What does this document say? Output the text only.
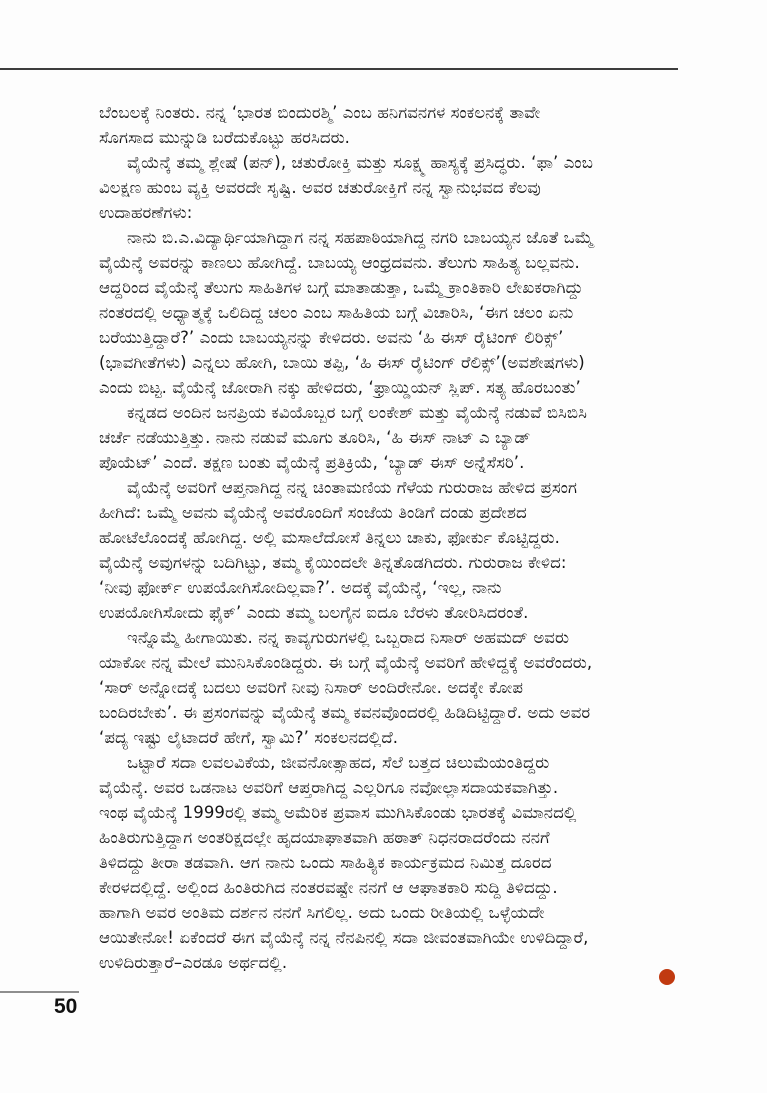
ಬೆಂಬಲಕ್ಕೆ ನಿಂತರು. ನನ್ನ ‘ಭಾರತ ಬಿಂದುರಶ್ಮಿ’ ಎಂಬ ಹನಿಗವನಗಳ ಸಂಕಲನಕ್ಕೆ ತಾವೇ
ಸೊಗಸಾದ ಮುನ್ನುಡಿ ಬರೆದುಕೊಟ್ಟು ಹರಸಿದರು.
ವೈಯೆನ್ಕೆ ತಮ್ಮ ಶ್ಲೇಷೆ (ಪನ್), ಚತುರೋಕ್ತಿ ಮತ್ತು ಸೂಕ್ಷ್ಮ ಹಾಸ್ಯಕ್ಕೆ ಪ್ರಸಿದ್ಧರು. ‘ಫಾ’ ಎಂಬ
ವಿಲಕ್ಷಣ ಹುಂಬ ವ್ಯಕ್ತಿ ಅವರದೇ ಸೃಷ್ಟಿ. ಅವರ ಚತುರೋಕ್ತಿಗೆ ನನ್ನ ಸ್ವಾನುಭವದ ಕೆಲವು
ಉದಾಹರಣೆಗಳು:
ನಾನು ಬಿ.ಎ.ವಿದ್ಯಾರ್ಥಿಯಾಗಿದ್ದಾಗ ನನ್ನ ಸಹಪಾಠಿಯಾಗಿದ್ದ ನಗರಿ ಬಾಬಯ್ಯನ ಜೊತೆ ಒಮ್ಮೆ
ವೈಯೆನ್ಕೆ ಅವರನ್ನು ಕಾಣಲು ಹೋಗಿದ್ದೆ. ಬಾಬಯ್ಯ ಆಂಧ್ರದವನು. ತೆಲುಗು ಸಾಹಿತ್ಯ ಬಲ್ಲವನು.
ಆದ್ದರಿಂದ ವೈಯೆನ್ಕೆ ತೆಲುಗು ಸಾಹಿತಿಗಳ ಬಗ್ಗೆ ಮಾತಾಡುತ್ತಾ, ಒಮ್ಮೆ ಕ್ರಾಂತಿಕಾರಿ ಲೇಖಕರಾಗಿದ್ದು
ನಂತರದಲ್ಲಿ ಅಧ್ಯಾತ್ಮಕ್ಕೆ ಒಲಿದಿದ್ದ ಚಲಂ ಎಂಬ ಸಾಹಿತಿಯ ಬಗ್ಗೆ ವಿಚಾರಿಸಿ, ‘ಈಗ ಚಲಂ ಏನು
ಬರೆಯುತ್ತಿದ್ದಾರೆ?’ ಎಂದು ಬಾಬಯ್ಯನನ್ನು ಕೇಳಿದರು. ಅವನು ‘ಹಿ ಈಸ್ ರೈಟಿಂಗ್ ಲಿರಿಕ್ಸ್’
(ಭಾವಗೀತೆಗಳು) ಎನ್ನಲು ಹೋಗಿ, ಬಾಯಿ ತಪ್ಪಿ, ‘ಹಿ ಈಸ್ ರೈಟಿಂಗ್ ರೆಲಿಕ್ಸ್’(ಅವಶೇಷಗಳು)
ಎಂದು ಬಿಟ್ಟ. ವೈಯೆನ್ಕೆ ಜೋರಾಗಿ ನಕ್ಕು ಹೇಳಿದರು, ‘ಫ್ರಾಯ್ಡಿಯನ್ ಸ್ಲಿಪ್. ಸತ್ಯ ಹೊರಬಂತು’
ಕನ್ನಡದ ಅಂದಿನ ಜನಪ್ರಿಯ ಕವಿಯೊಬ್ಬರ ಬಗ್ಗೆ ಲಂಕೇಶ್ ಮತ್ತು ವೈಯೆನ್ಕೆ ನಡುವೆ ಬಿಸಿಬಿಸಿ
ಚರ್ಚೆ ನಡೆಯುತ್ತಿತ್ತು. ನಾನು ನಡುವೆ ಮೂಗು ತೂರಿಸಿ, ‘ಹಿ ಈಸ್ ನಾಟ್ ಎ ಬ್ಯಾಡ್
ಪೊಯೆಟ್’ ಎಂದೆ. ತಕ್ಷಣ ಬಂತು ವೈಯೆನ್ಕೆ ಪ್ರತಿಕ್ರಿಯೆ, ‘ಬ್ಯಾಡ್ ಈಸ್ ಅನ್ನೆಸೆಸರಿ’.
ವೈಯೆನ್ಕೆ ಅವರಿಗೆ ಆಪ್ತನಾಗಿದ್ದ ನನ್ನ ಚಿಂತಾಮಣಿಯ ಗೆಳೆಯ ಗುರುರಾಜ ಹೇಳಿದ ಪ್ರಸಂಗ
ಹೀಗಿದೆ: ಒಮ್ಮೆ ಅವನು ವೈಯೆನ್ಕೆ ಅವರೊಂದಿಗೆ ಸಂಜೆಯ ತಿಂಡಿಗೆ ದಂಡು ಪ್ರದೇಶದ
ಹೋಟೆಲೊಂದಕ್ಕೆ ಹೋಗಿದ್ದ. ಅಲ್ಲಿ ಮಸಾಲೆದೋಸೆ ತಿನ್ನಲು ಚಾಕು, ಫೋರ್ಕು ಕೊಟ್ಟಿದ್ದರು.
ವೈಯೆನ್ಕೆ ಅವುಗಳನ್ನು ಬದಿಗಿಟ್ಟು, ತಮ್ಮ ಕೈಯಿಂದಲೇ ತಿನ್ನತೊಡಗಿದರು. ಗುರುರಾಜ ಕೇಳಿದ:
‘ನೀವು ಫೋರ್ಕ್ ಉಪಯೋಗಿಸೋದಿಲ್ಲವಾ?’. ಅದಕ್ಕೆ ವೈಯೆನ್ಕೆ, ‘ಇಲ್ಲ, ನಾನು
ಉಪಯೋಗಿಸೋದು ಫೈಕ್’ ಎಂದು ತಮ್ಮ ಬಲಗೈನ ಐದೂ ಬೆರಳು ತೋರಿಸಿದರಂತೆ.
ಇನ್ನೊಮ್ಮೆ ಹೀಗಾಯಿತು. ನನ್ನ ಕಾವ್ಯಗುರುಗಳಲ್ಲಿ ಒಬ್ಬರಾದ ನಿಸಾರ್ ಅಹಮದ್ ಅವರು
ಯಾಕೋ ನನ್ನ ಮೇಲೆ ಮುನಿಸಿಕೊಂಡಿದ್ದರು. ಈ ಬಗ್ಗೆ ವೈಯೆನ್ಕೆ ಅವರಿಗೆ ಹೇಳಿದ್ದಕ್ಕೆ ಅವರೆಂದರು,
‘ಸಾರ್ ಅನ್ನೋದಕ್ಕೆ ಬದಲು ಅವರಿಗೆ ನೀವು ನಿಸಾರ್ ಅಂದಿರೇನೋ. ಅದಕ್ಕೇ ಕೋಪ
ಬಂದಿರಬೇಕು’. ಈ ಪ್ರಸಂಗವನ್ನು ವೈಯೆನ್ಕೆ ತಮ್ಮ ಕವನವೊಂದರಲ್ಲಿ ಹಿಡಿದಿಟ್ಟಿದ್ದಾರೆ. ಅದು ಅವರ
‘ಪದ್ಯ ಇಷ್ಟು ಲೈಟಾದರೆ ಹೇಗೆ, ಸ್ವಾಮಿ?’ ಸಂಕಲನದಲ್ಲಿದೆ.
ಒಟ್ಟಾರೆ ಸದಾ ಲವಲವಿಕೆಯ, ಜೀವನೋತ್ಸಾಹದ, ಸೆಲೆ ಬತ್ತದ ಚಿಲುಮೆಯಂತಿದ್ದರು
ವೈಯೆನ್ಕೆ. ಅವರ ಒಡನಾಟ ಅವರಿಗೆ ಆಪ್ತರಾಗಿದ್ದ ಎಲ್ಲರಿಗೂ ನವೋಲ್ಲಾಸದಾಯಕವಾಗಿತ್ತು.
ಇಂಥ ವೈಯೆನ್ಕೆ 1999ರಲ್ಲಿ ತಮ್ಮ ಅಮೆರಿಕ ಪ್ರವಾಸ ಮುಗಿಸಿಕೊಂಡು ಭಾರತಕ್ಕೆ ವಿಮಾನದಲ್ಲಿ
ಹಿಂತಿರುಗುತ್ತಿದ್ದಾಗ ಅಂತರಿಕ್ಷದಲ್ಲೇ ಹೃದಯಾಘಾತವಾಗಿ ಹಠಾತ್ ನಿಧನರಾದರೆಂದು ನನಗೆ
ತಿಳಿದದ್ದು ತೀರಾ ತಡವಾಗಿ. ಆಗ ನಾನು ಒಂದು ಸಾಹಿತ್ಯಿಕ ಕಾರ್ಯಕ್ರಮದ ನಿಮಿತ್ತ ದೂರದ
ಕೇರಳದಲ್ಲಿದ್ದೆ. ಅಲ್ಲಿಂದ ಹಿಂತಿರುಗಿದ ನಂತರವಷ್ಟೇ ನನಗೆ ಆ ಆಘಾತಕಾರಿ ಸುದ್ದಿ ತಿಳಿದದ್ದು.
ಹಾಗಾಗಿ ಅವರ ಅಂತಿಮ ದರ್ಶನ ನನಗೆ ಸಿಗಲಿಲ್ಲ. ಅದು ಒಂದು ರೀತಿಯಲ್ಲಿ ಒಳ್ಳೆಯದೇ
ಆಯಿತೇನೋ! ಏಕೆಂದರೆ ಈಗ ವೈಯೆನ್ಕೆ ನನ್ನ ನೆನಪಿನಲ್ಲಿ ಸದಾ ಜೀವಂತವಾಗಿಯೇ ಉಳಿದಿದ್ದಾರೆ,
ಉಳಿದಿರುತ್ತಾರೆ–ಎರಡೂ ಅರ್ಥದಲ್ಲಿ.
50
